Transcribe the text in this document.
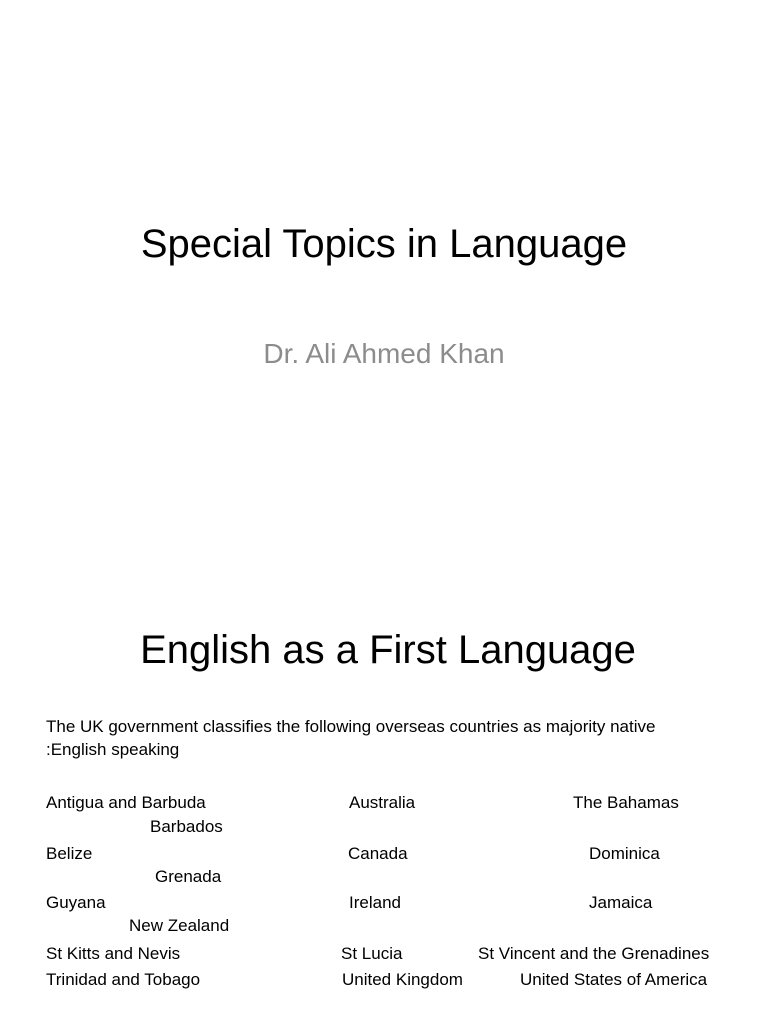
Special Topics in Language
Dr. Ali Ahmed Khan
English as a First Language
The UK government classifies the following overseas countries as majority native
:English speaking
Antigua and Barbuda	Australia	The Bahamas
Barbados
Belize	Canada	Dominica
Grenada
Guyana	Ireland	Jamaica
New Zealand
St Kitts and Nevis	St Lucia	St Vincent and the Grenadines
Trinidad and Tobago	United Kingdom	United States of America
